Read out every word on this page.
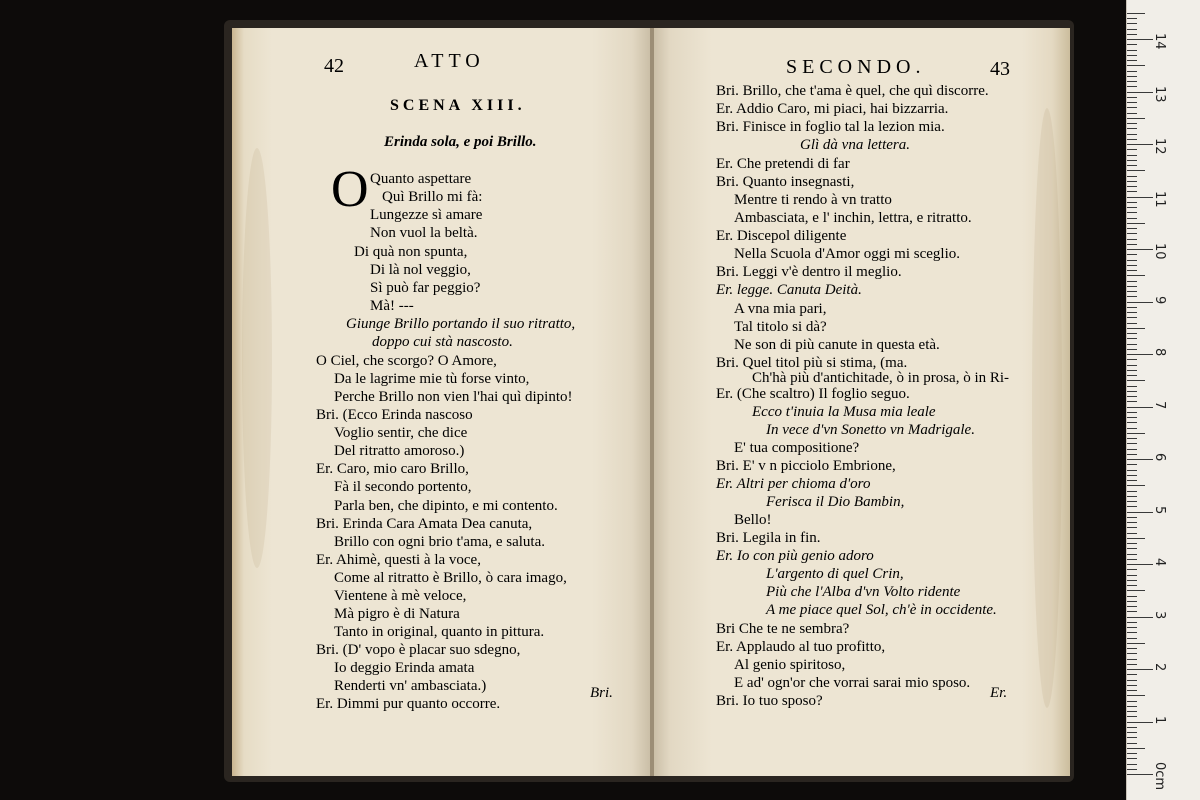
42	ATTO
SCENA XIII.
Erinda sola, e poi Brillo.
O Quanto aspettare
Quì Brillo mi fà:
Lungezze sì amare
Non vuol la beltà.
Di quà non spunta,
Di là nol veggio,
Sì può far peggio?
Mà! ---
Giunge Brillo portando il suo ritratto,
doppo cui stà nascosto.
O Ciel, che scorgo? O Amore,
Da le lagrime mie tù forse vinto,
Perche Brillo non vien l'hai quì dipinto!
Bri. (Ecco Erinda nascoso
Voglio sentir, che dice
Del ritratto amoroso.)
Er. Caro, mio caro Brillo,
Fà il secondo portento,
Parla ben, che dipinto, e mi contento.
Bri. Erinda Cara Amata Dea canuta,
Brillo con ogni brio t'ama, e saluta.
Er. Ahimè, questi à la voce,
Come al ritratto è Brillo, ò cara imago,
Vientene à mè veloce,
Mà pigro è di Natura
Tanto in original, quanto in pittura.
Bri. (D' vopo è placar suo sdegno,
Io deggio Erinda amata
Renderti vn' ambasciata.)
Er. Dimmi pur quanto occorre.
Bri.
SECONDO.	43
Bri. Brillo, che t'ama è quel, che quì discorre.
Er. Addio Caro, mi piaci, hai bizzarria.
Bri. Finisce in foglio tal la lezion mia.
Glì dà vna lettera.
Er. Che pretendi di far
Bri. Quanto insegnasti,
Mentre ti rendo à vn tratto
Ambasciata, e l' inchin, lettra, e ritratto.
Er. Discepol diligente
Nella Scuola d'Amor oggi mi sceglio.
Bri. Leggi v'è dentro il meglio.
Er. legge. Canuta Deità.
A vna mia pari,
Tal titolo si dà?
Ne son di più canute in questa età.
Bri. Quel titol più si stima, (ma.
Ch'hà più d'antichitade, ò in prosa, ò in Ri-
Er. (Che scaltro) Il foglio seguo.
Ecco t'inuia la Musa mia leale
In vece d'vn Sonetto vn Madrigale.
E' tua compositione?
Bri. E' v n picciolo Embrione,
Er. Altri per chioma d'oro
Ferisca il Dio Bambin,
Bello!
Bri. Legila in fin.
Er. Io con più genio adoro
L'argento di quel Crin,
Più che l'Alba d'vn Volto ridente
A me piace quel Sol, ch'è in occidente.
Bri Che te ne sembra?
Er. Applaudo al tuo profitto,
Al genio spiritoso,
E ad' ogn'or che vorrai sarai mio sposo.
Bri. Io tuo sposo?	Er.
1
2
3
4
5
6
7
8
9
10
11
12
13
14
0cm
